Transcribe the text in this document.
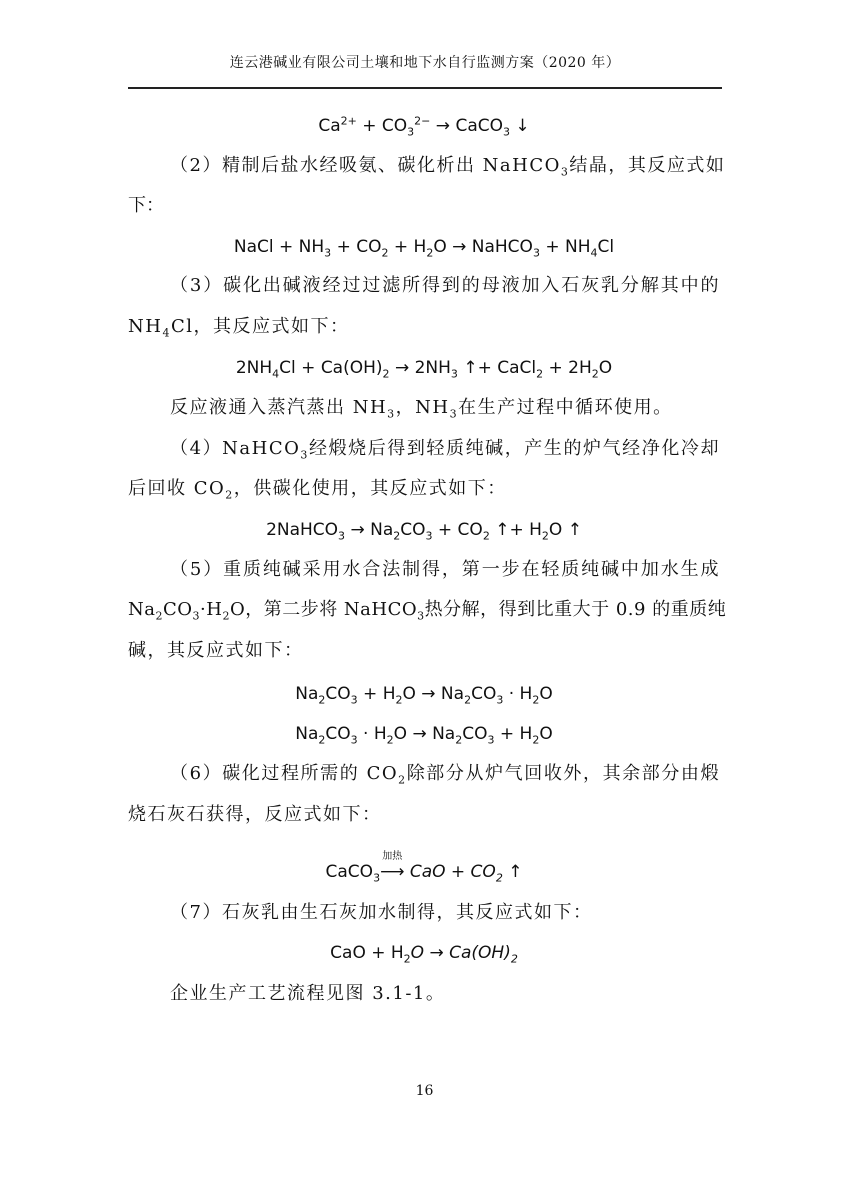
连云港碱业有限公司土壤和地下水自行监测方案（2020 年）
$Ca^{2+} + CO_3^{2-}$ → CaCO$_3$ ↓
（2）精制后盐水经吸氨、碳化析出 NaHCO$_3$结晶，其反应式如
下：
NaCl + $NH_3 + CO_2 + H_2O$ → NaHCO$_3$ + $NH_4Cl$
（3）碳化出碱液经过过滤所得到的母液加入石灰乳分解其中的
$NH_4Cl$，其反应式如下：
$2NH_4Cl + Ca(OH)_2 \to 2NH_3$ ↑+ CaCl$_2$ + $2H_2O$
反应液通入蒸汽蒸出 $NH_3$，$NH_3$在生产过程中循环使用。
（4）NaHCO$_3$经煅烧后得到轻质纯碱，产生的炉气经净化冷却
后回收 $CO_2$，供碳化使用，其反应式如下：
2NaHCO$_3$ → $Na_2CO_3 + CO_2$ ↑+ $H_2O$ ↑
（5）重质纯碱采用水合法制得，第一步在轻质纯碱中加水生成
$Na_2CO_3\cdot H_2O$，第二步将 NaHCO$_3$热分解，得到比重大于 0.9 的重质纯
碱，其反应式如下：
$Na_2CO_3 + H_2O \to Na_2CO_3 \cdot H_2O$
$Na_2CO_3 \cdot H_2O \to Na_2CO_3 + H_2O$
（6）碳化过程所需的 $CO_2$除部分从炉气回收外，其余部分由煅
烧石灰石获得，反应式如下：
CaCO$_3$
加热
⟶ CaO + $CO_2$ ↑
（7）石灰乳由生石灰加水制得，其反应式如下：
CaO + $H_2O \to Ca(OH)_2$
企业生产工艺流程见图 3.1-1。
16
